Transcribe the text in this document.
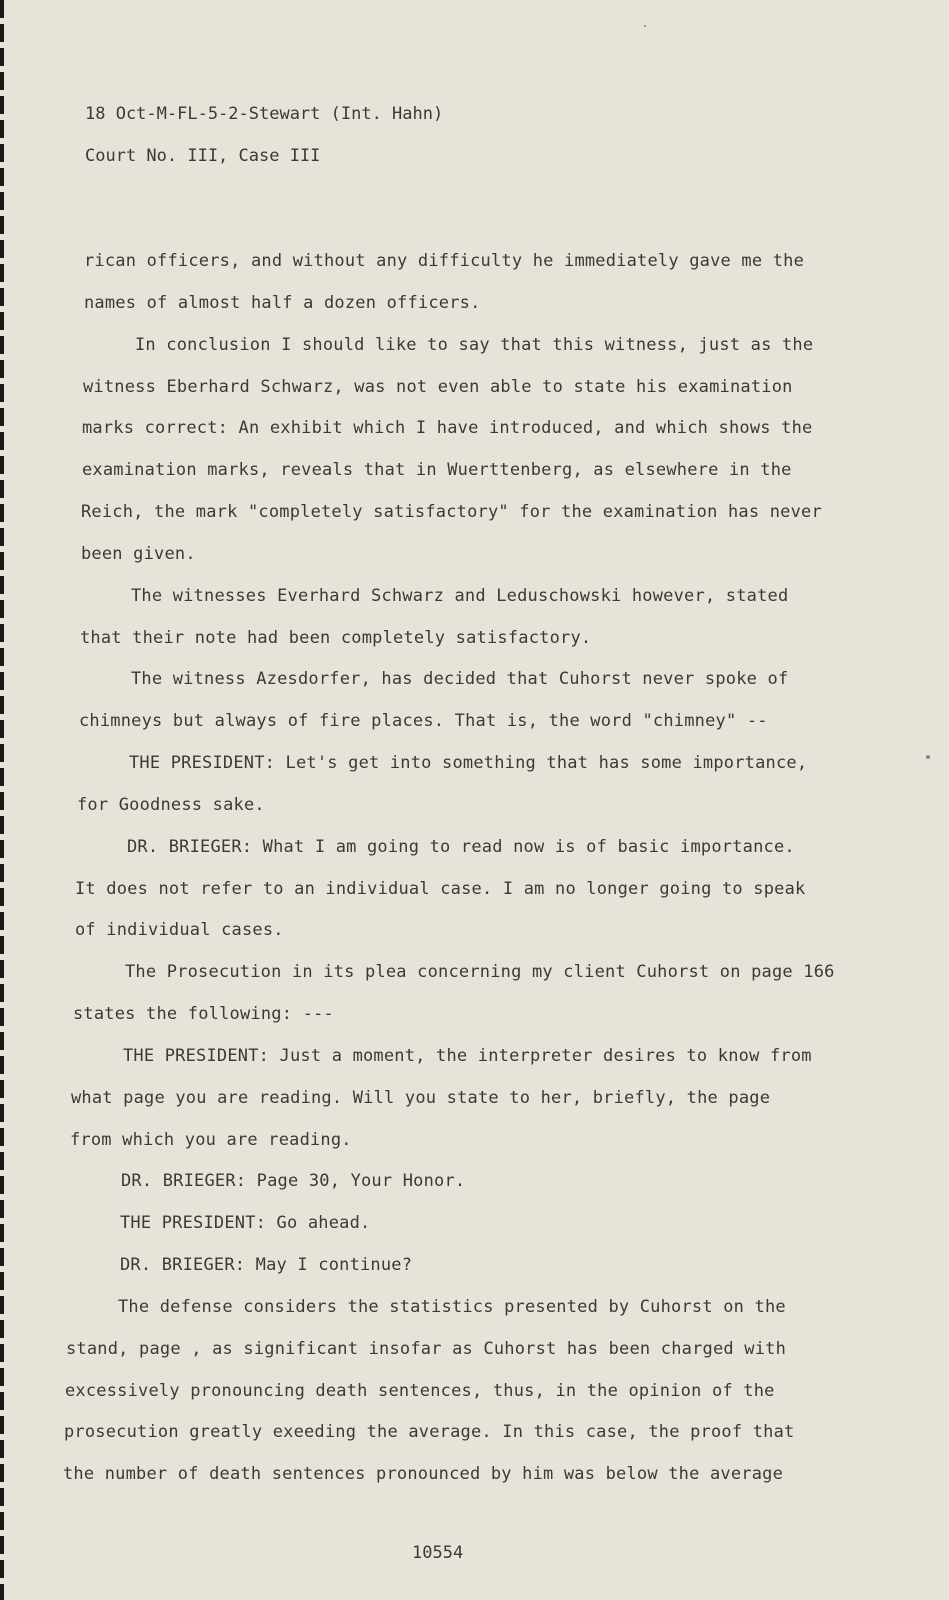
18 Oct-M-FL-5-2-Stewart (Int. Hahn)
Court No. III, Case III
rican officers, and without any difficulty he immediately gave me the
names of almost half a dozen officers.
In conclusion I should like to say that this witness, just as the
witness Eberhard Schwarz, was not even able to state his examination
marks correct: An exhibit which I have introduced, and which shows the
examination marks, reveals that in Wuerttenberg, as elsewhere in the
Reich, the mark "completely satisfactory" for the examination has never
been given.
The witnesses Everhard Schwarz and Leduschowski however, stated
that their note had been completely satisfactory.
The witness Azesdorfer, has decided that Cuhorst never spoke of
chimneys but always of fire places. That is, the word "chimney" --
THE PRESIDENT: Let's get into something that has some importance,
for Goodness sake.
DR. BRIEGER: What I am going to read now is of basic importance.
It does not refer to an individual case. I am no longer going to speak
of individual cases.
The Prosecution in its plea concerning my client Cuhorst on page 166
states the following: ---
THE PRESIDENT: Just a moment, the interpreter desires to know from
what page you are reading. Will you state to her, briefly, the page
from which you are reading.
DR. BRIEGER: Page 30, Your Honor.
THE PRESIDENT: Go ahead.
DR. BRIEGER: May I continue?
The defense considers the statistics presented by Cuhorst on the
stand, page , as significant insofar as Cuhorst has been charged with
excessively pronouncing death sentences, thus, in the opinion of the
prosecution greatly exeeding the average. In this case, the proof that
the number of death sentences pronounced by him was below the average
10554
